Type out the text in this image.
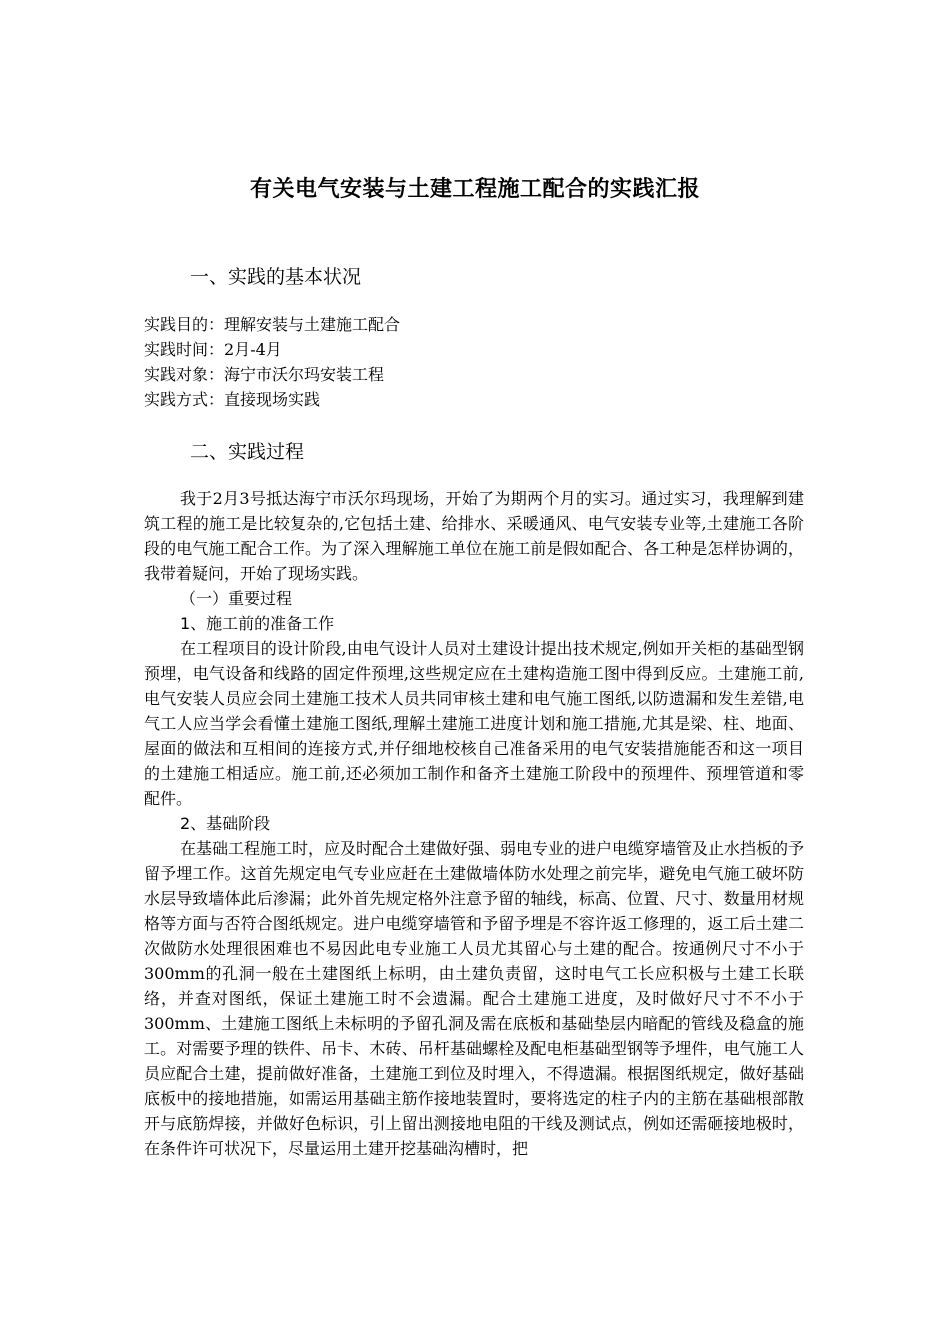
有关电气安装与土建工程施工配合的实践汇报
一、实践的基本状况
实践目的：理解安装与土建施工配合
实践时间：2月-4月
实践对象：海宁市沃尔玛安装工程
实践方式：直接现场实践
二、实践过程

我于2月3号抵达海宁市沃尔玛现场，开始了为期两个月的实习。通过实习，我理解到建筑工程的施工是比较复杂的,它包括土建、给排水、采暖通风、电气安装专业等,土建施工各阶段的电气施工配合工作。为了深入理解施工单位在施工前是假如配合、各工种是怎样协调的，我带着疑问，开始了现场实践。

（一）重要过程

1、施工前的准备工作

在工程项目的设计阶段,由电气设计人员对土建设计提出技术规定,例如开关柜的基础型钢预埋，电气设备和线路的固定件预埋,这些规定应在土建构造施工图中得到反应。土建施工前,电气安装人员应会同土建施工技术人员共同审核土建和电气施工图纸,以防遗漏和发生差错,电气工人应当学会看懂土建施工图纸,理解土建施工进度计划和施工措施,尤其是梁、柱、地面、屋面的做法和互相间的连接方式,并仔细地校核自己准备采用的电气安装措施能否和这一项目的土建施工相适应。施工前,还必须加工制作和备齐土建施工阶段中的预埋件、预埋管道和零配件。

2、基础阶段

在基础工程施工时，应及时配合土建做好强、弱电专业的进户电缆穿墙管及止水挡板的予留予埋工作。这首先规定电气专业应赶在土建做墙体防水处理之前完毕，避免电气施工破坏防水层导致墙体此后渗漏；此外首先规定格外注意予留的轴线，标高、位置、尺寸、数量用材规格等方面与否符合图纸规定。进户电缆穿墙管和予留予埋是不容许返工修理的，返工后土建二次做防水处理很困难也不易因此电专业施工人员尤其留心与土建的配合。按通例尺寸不小于300mm的孔洞一般在土建图纸上标明，由土建负责留，这时电气工长应积极与土建工长联络，并查对图纸，保证土建施工时不会遗漏。配合土建施工进度，及时做好尺寸不不小于300mm、土建施工图纸上未标明的予留孔洞及需在底板和基础垫层内暗配的管线及稳盒的施工。对需要予理的铁件、吊卡、木砖、吊杆基础螺栓及配电柜基础型钢等予埋件，电气施工人员应配合土建，提前做好准备，土建施工到位及时埋入，不得遗漏。根据图纸规定，做好基础底板中的接地措施，如需运用基础主筋作接地装置时，要将选定的柱子内的主筋在基础根部散开与底筋焊接，并做好色标识，引上留出测接地电阻的干线及测试点，例如还需砸接地极时，在条件许可状况下，尽量运用土建开挖基础沟槽时，把
